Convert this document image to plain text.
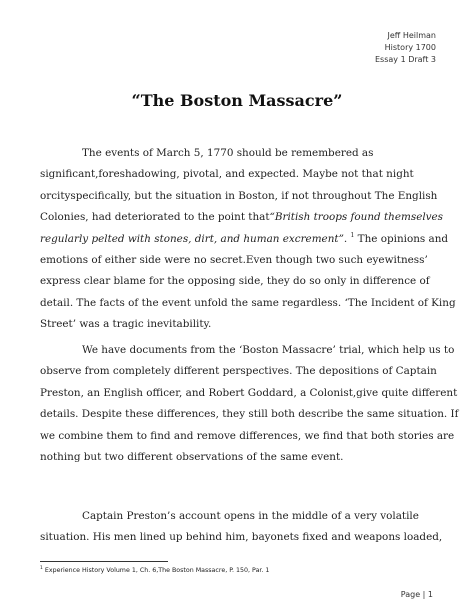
Jeff Heilman
History 1700
Essay 1 Draft 3
“The Boston Massacre”
The events of March 5, 1770 should be remembered as
significant,foreshadowing, pivotal, and expected. Maybe not that night
orcityspecifically, but the situation in Boston, if not throughout The English
Colonies, had deteriorated to the point that“British troops found themselves
regularly pelted with stones, dirt, and human excrement”. $^1$ The opinions and
emotions of either side were no secret.Even though two such eyewitness’
express clear blame for the opposing side, they do so only in difference of
detail. The facts of the event unfold the same regardless. ‘The Incident of King
Street’ was a tragic inevitability.
We have documents from the ‘Boston Massacre’ trial, which help us to
observe from completely different perspectives. The depositions of Captain
Preston, an English officer, and Robert Goddard, a Colonist,give quite different
details. Despite these differences, they still both describe the same situation. If
we combine them to find and remove differences, we find that both stories are
nothing but two different observations of the same event.
Captain Preston’s account opens in the middle of a very volatile
situation. His men lined up behind him, bayonets fixed and weapons loaded,
$^1$ Experience History Volume 1, Ch. 6,The Boston Massacre, P. 150, Par. 1
Page | 1
